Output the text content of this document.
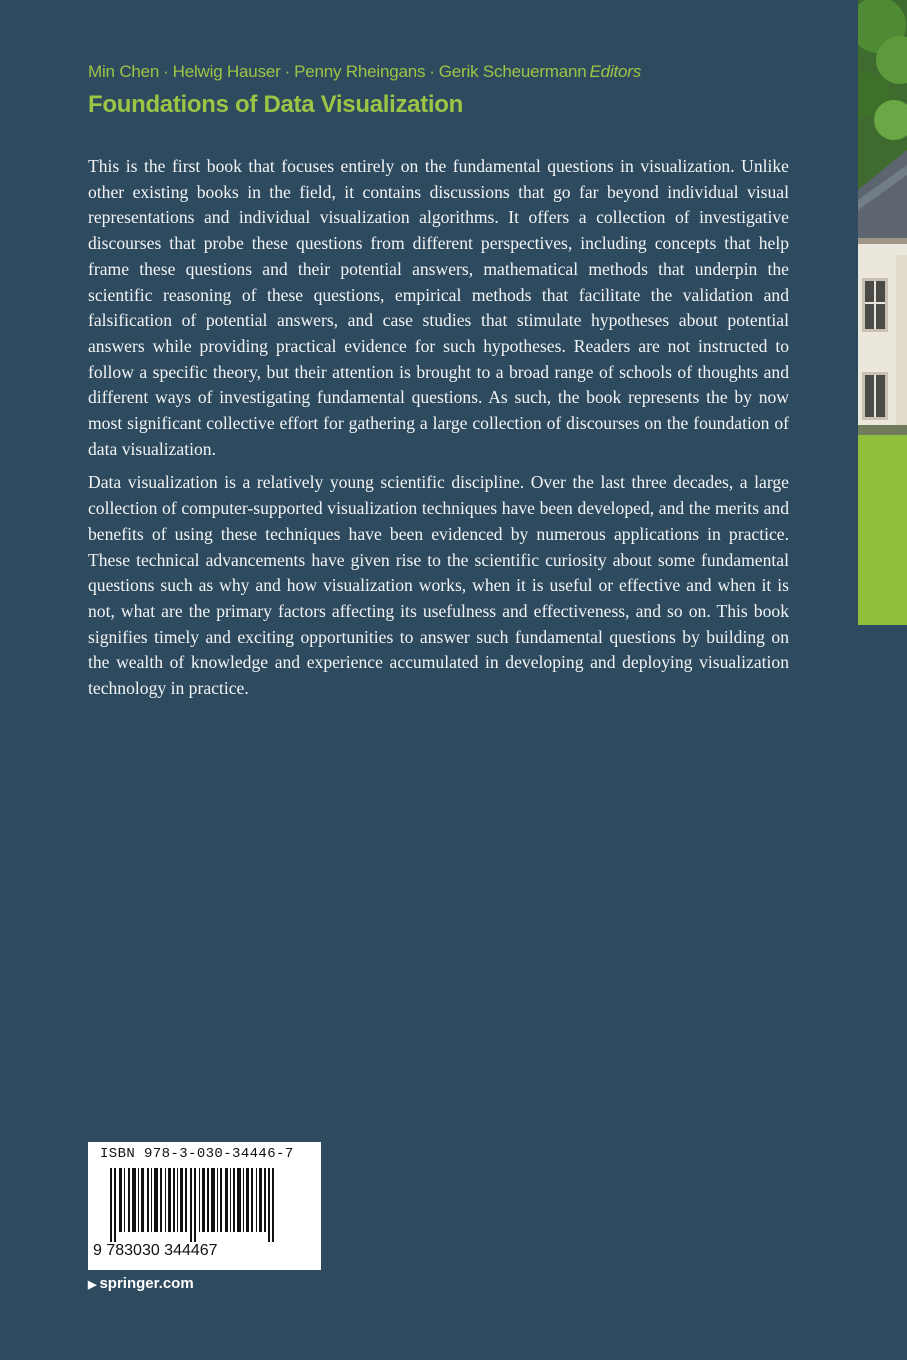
Min Chen · Helwig Hauser · Penny Rheingans · Gerik Scheuermann Editors
Foundations of Data Visualization

This is the first book that focuses entirely on the fundamental questions in visualization. Unlike other existing books in the field, it contains discussions that go far beyond individual visual representations and individual visualization algorithms. It offers a collection of investigative discourses that probe these questions from different perspectives, including concepts that help frame these questions and their potential answers, mathematical methods that underpin the scientific reasoning of these questions, empirical methods that facilitate the validation and falsification of potential answers, and case studies that stimulate hypotheses about potential answers while providing practical evidence for such hypotheses. Readers are not instructed to follow a specific theory, but their attention is brought to a broad range of schools of thoughts and different ways of investigating fundamental questions. As such, the book represents the by now most significant collective effort for gathering a large collection of discourses on the foundation of data visualization.

Data visualization is a relatively young scientific discipline. Over the last three decades, a large collection of computer-supported visualization techniques have been developed, and the merits and benefits of using these techniques have been evidenced by numerous applications in practice. These technical advancements have given rise to the scientific curiosity about some fundamental questions such as why and how visualization works, when it is useful or effective and when it is not, what are the primary factors affecting its usefulness and effectiveness, and so on. This book signifies timely and exciting opportunities to answer such fundamental questions by building on the wealth of knowledge and experience accumulated in developing and deploying visualization technology in practice.

ISBN 978-3-030-34446-7
9 783030 344467
▶ springer.com
